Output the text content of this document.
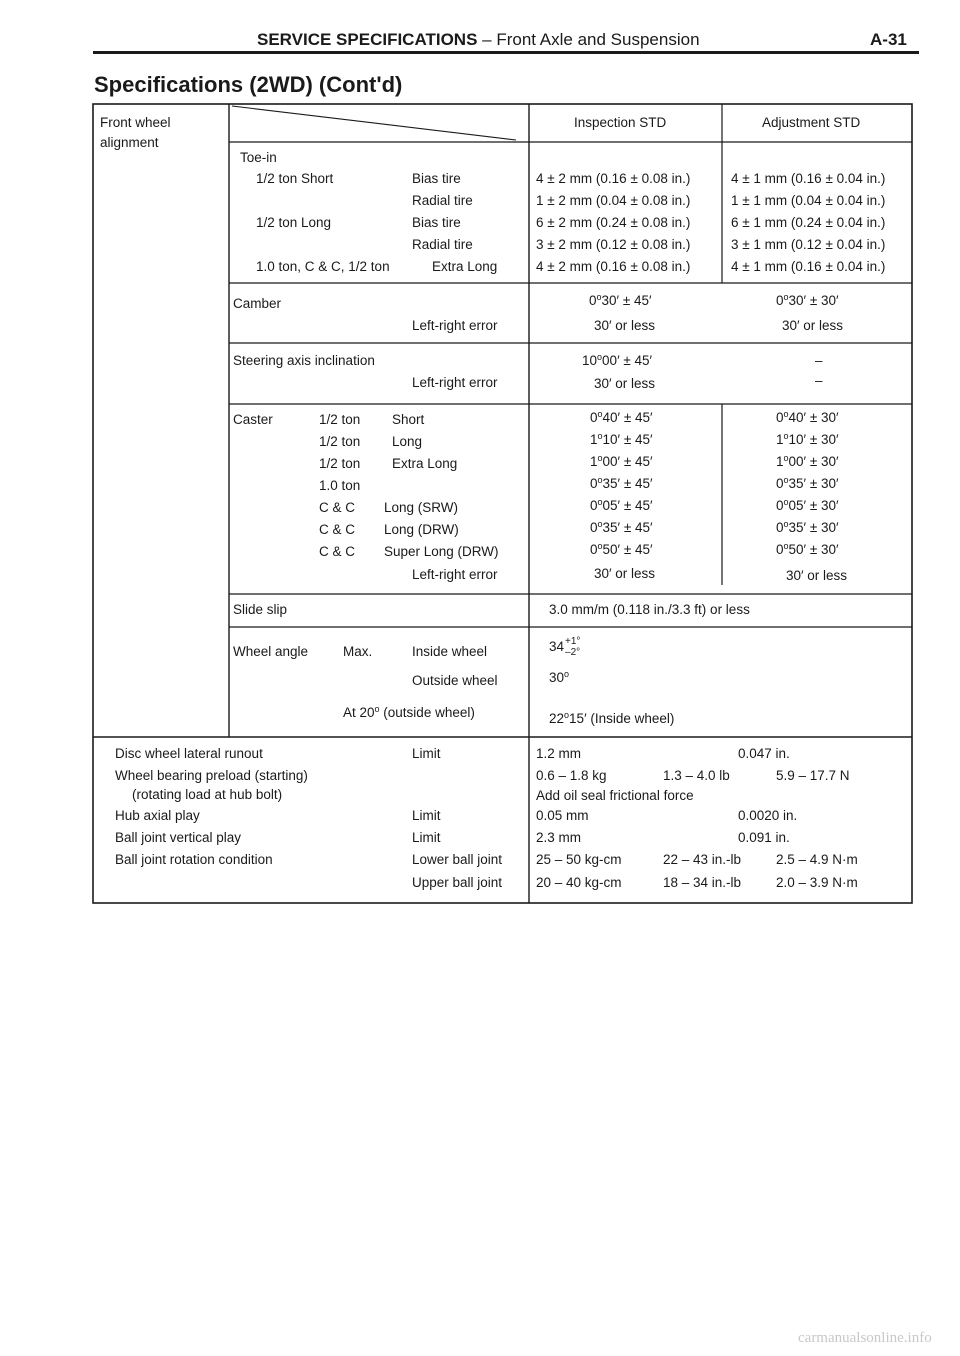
SERVICE SPECIFICATIONS – Front Axle and Suspension	A-31
Specifications (2WD) (Cont'd)
Front wheel
alignment
Inspection STD	Adjustment STD
Toe-in
1/2 ton Short	Bias tire	4 ± 2 mm (0.16 ± 0.08 in.)	4 ± 1 mm (0.16 ± 0.04 in.)
Radial tire	1 ± 2 mm (0.04 ± 0.08 in.)	1 ± 1 mm (0.04 ± 0.04 in.)
1/2 ton Long	Bias tire	6 ± 2 mm (0.24 ± 0.08 in.)	6 ± 1 mm (0.24 ± 0.04 in.)
Radial tire	3 ± 2 mm (0.12 ± 0.08 in.)	3 ± 1 mm (0.12 ± 0.04 in.)
1.0 ton, C & C, 1/2 ton	Extra Long	4 ± 2 mm (0.16 ± 0.08 in.)	4 ± 1 mm (0.16 ± 0.04 in.)
Camber	$0^o30' \pm 45'$	$0^o30' \pm 30'$
Left-right error	30′ or less	30′ or less
Steering axis inclination	$10^o00' \pm 45'$	–
Left-right error	30′ or less	–
Caster	1/2 ton Short	$0^o40' \pm 45'$	$0^o40' \pm 30'$
1/2 ton Long	$1^o10' \pm 45'$	$1^o10' \pm 30'$
1/2 ton Extra Long	$1^o00' \pm 45'$	$1^o00' \pm 30'$
1.0 ton	$0^o35' \pm 45'$	$0^o35' \pm 30'$
C & C Long (SRW)	$0^o05' \pm 45'$	$0^o05' \pm 30'$
C & C Long (DRW)	$0^o35' \pm 45'$	$0^o35' \pm 30'$
C & C Super Long (DRW)	$0^o50' \pm 45'$	$0^o50' \pm 30'$
Left-right error	30′ or less	30′ or less
Slide slip	3.0 mm/m (0.118 in./3.3 ft) or less
Wheel angle	Max.	Inside wheel	34 +1°
–2°
Outside wheel	30$^o$
At 20$^o$ (outside wheel)	22$^o$15′ (Inside wheel)
Disc wheel lateral runout	Limit	1.2 mm	0.047 in.
Wheel bearing preload (starting)	0.6 – 1.8 kg	1.3 – 4.0 lb	5.9 – 17.7 N
(rotating load at hub bolt)	Add oil seal frictional force
Hub axial play	Limit	0.05 mm	0.0020 in.
Ball joint vertical play	Limit	2.3 mm	0.091 in.
Ball joint rotation condition	Lower ball joint	25 – 50 kg-cm	22 – 43 in.-lb	2.5 – 4.9 N·m
Upper ball joint	20 – 40 kg-cm	18 – 34 in.-lb	2.0 – 3.9 N·m
carmanualsonline.info
